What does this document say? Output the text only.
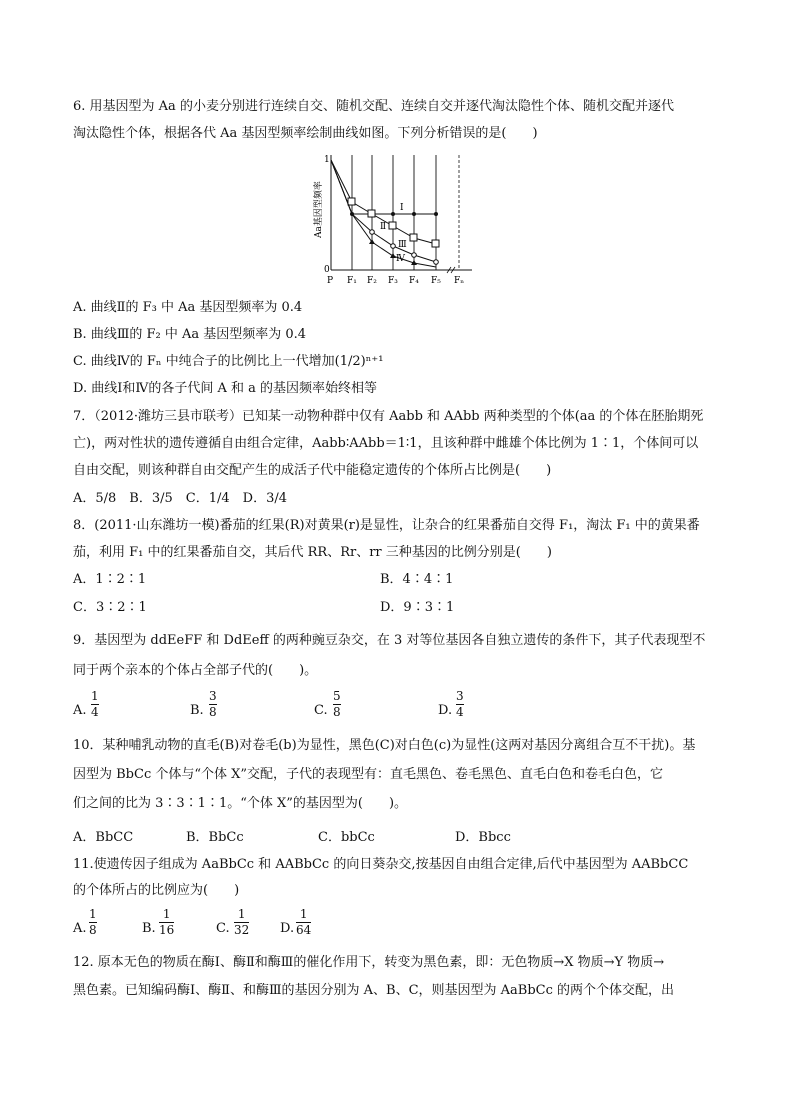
6. 用基因型为 Aa 的小麦分别进行连续自交、随机交配、连续自交并逐代淘汰隐性个体、随机交配并逐代
淘汰隐性个体，根据各代 Aa 基因型频率绘制曲线如图。下列分析错误的是(　　)
Aa基因型频率
1
0
Ⅰ
Ⅱ
Ⅲ
Ⅳ
P F₁ F₂ F₃ F₄ F₅ Fₙ
A. 曲线Ⅱ的 F₃ 中 Aa 基因型频率为 0.4
B. 曲线Ⅲ的 F₂ 中 Aa 基因型频率为 0.4
C. 曲线Ⅳ的 Fₙ 中纯合子的比例比上一代增加(1/2)ⁿ⁺¹
D. 曲线Ⅰ和Ⅳ的各子代间 A 和 a 的基因频率始终相等
7．（2012·潍坊三县市联考）已知某一动物种群中仅有 Aabb 和 AAbb 两种类型的个体(aa 的个体在胚胎期死
亡)，两对性状的遗传遵循自由组合定律，Aabb∶AAbb＝1∶1，且该种群中雌雄个体比例为 1∶1，个体间可以
自由交配，则该种群自由交配产生的成活子代中能稳定遗传的个体所占比例是(　　)
A．5/8　B．3/5　C．1/4　D．3/4
8．(2011·山东潍坊一模)番茄的红果(R)对黄果(r)是显性，让杂合的红果番茄自交得 F₁，淘汰 F₁ 中的黄果番
茄，利用 F₁ 中的红果番茄自交，其后代 RR、Rr、rr 三种基因的比例分别是(　　)
A．1∶2∶1	B．4∶4∶1
C．3∶2∶1	D．9∶3∶1
9．基因型为 ddEeFF 和 DdEeff 的两种豌豆杂交，在 3 对等位基因各自独立遗传的条件下，其子代表现型不
同于两个亲本的个体占全部子代的(　　)。
A.
1
4	B.
3
8	C.
5
8	D.
3
4
10．某种哺乳动物的直毛(B)对卷毛(b)为显性，黑色(C)对白色(c)为显性(这两对基因分离组合互不干扰)。基
因型为 BbCc 个体与“个体 X”交配，子代的表现型有：直毛黑色、卷毛黑色、直毛白色和卷毛白色，它
们之间的比为 3∶3∶1∶1。“个体 X”的基因型为(　　)。
A．BbCC	B．BbCc	C．bbCc	D．Bbcc
11.使遗传因子组成为 AaBbCc 和 AABbCc 的向日葵杂交,按基因自由组合定律,后代中基因型为 AABbCC
的个体所占的比例应为(　　)
A.
1
8	B.
1
16	C.
1
32 D.
1
64
12. 原本无色的物质在酶Ⅰ、酶Ⅱ和酶Ⅲ的催化作用下，转变为黑色素，即：无色物质→X 物质→Y 物质→
黑色素。已知编码酶Ⅰ、酶Ⅱ、和酶Ⅲ的基因分别为 A、B、C，则基因型为 AaBbCc 的两个个体交配，出
